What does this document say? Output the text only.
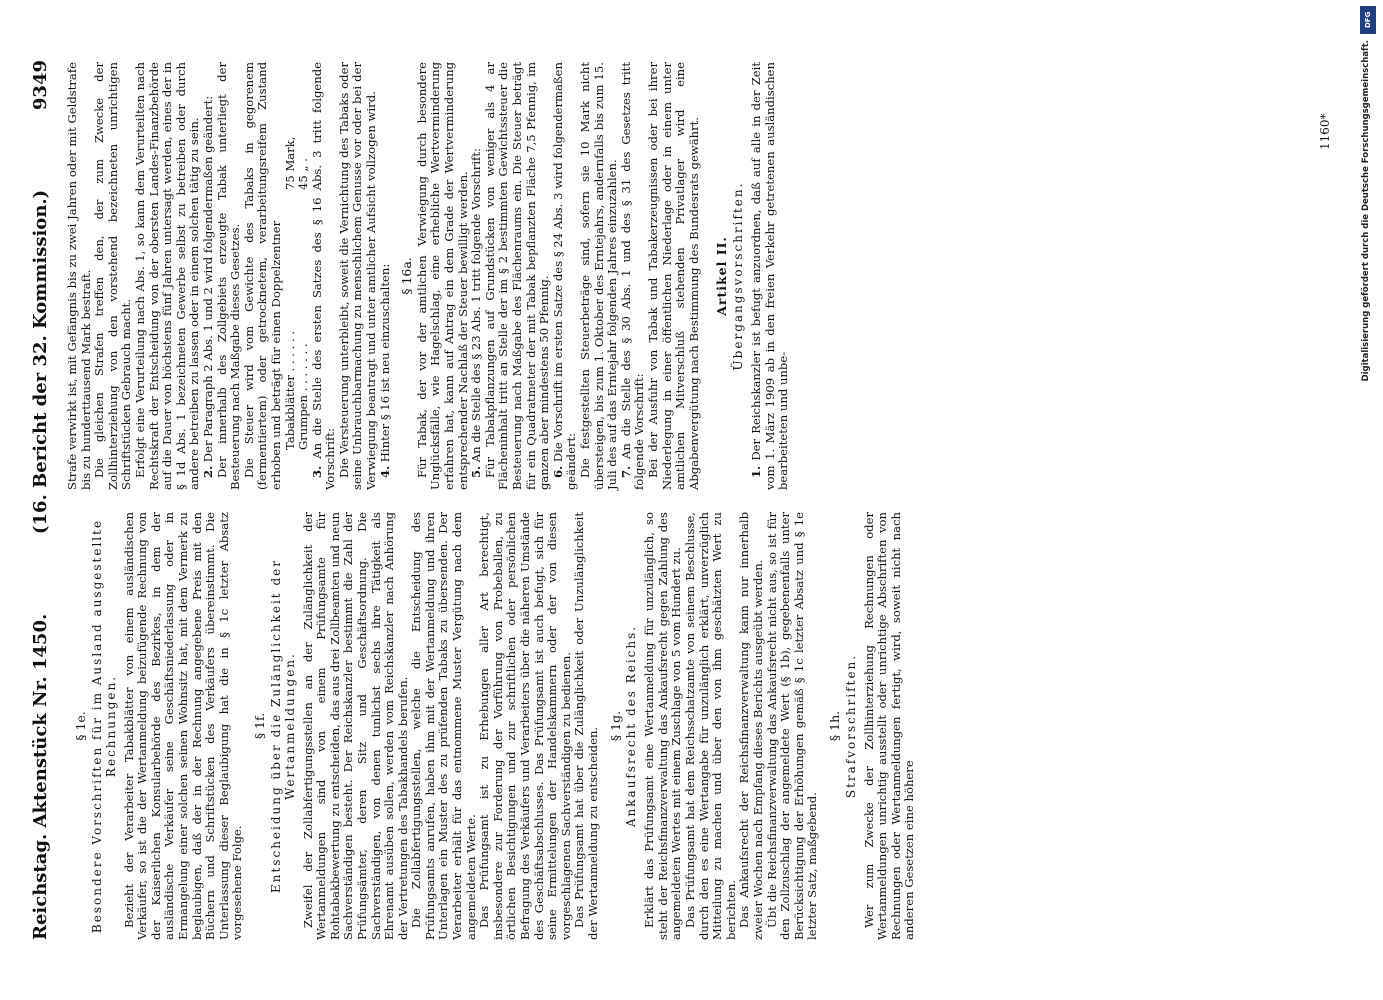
Reichstag. Aktenstück Nr. 1450.
(16. Bericht der 32. Kommission.)
9349
§ 1e. Besondere Vorschriften für im Ausland ausgestellte Rechnungen. Bezieht der Verarbeiter Tabakblätter von einem ausländischen Verkäufer, so ist die der Wertanmeldung beizufügende Rechnung von der Kaiserlichen Konsularbehörde des Bezirkes, in dem der ausländische Verkäufer seine Geschäftsniederlassung oder in Ermangelung einer solchen seinen Wohnsitz hat, mit dem Vermerk zu beglaubigen, daß der in der Rechnung angegebene Preis mit den Büchern und Schriftstücken des Verkäufers übereinstimmt. Die Unterlassung dieser Beglaubigung hat die in § 1c letzter Absatz vorgesehene Folge.

§ 1f. Entscheidung über die Zulänglichkeit der Wertanmeldungen. Zweifel der Zollabfertigungsstellen an der Zulänglichkeit der Wertanmeldungen sind von einem Prüfungsamte für Rohtabakbewertung zu entscheiden, das aus drei Zollbeamten und neun Sachverständigen besteht. Der Reichskanzler bestimmt die Zahl der Prüfungsämter, deren Sitz und Geschäftsordnung. Die Sachverständigen, von denen tunlichst sechs ihre Tätigkeit als Ehrenamt ausüben sollen, werden vom Reichskanzler nach Anhörung der Vertretungen des Tabakhandels berufen. Die Zollabfertigungsstellen, welche die Entscheidung des Prüfungsamts anrufen, haben ihm mit der Wertanmeldung und ihren Unterlagen ein Muster des zu prüfenden Tabaks zu übersenden. Der Verarbeiter erhält für das entnommene Muster Vergütung nach dem angemeldeten Werte. Das Prüfungsamt ist zu Erhebungen aller Art berechtigt, insbesondere zur Forderung der Vorführung von Probeballen, zu örtlichen Besichtigungen und zur schriftlichen oder persönlichen Befragung des Verkäufers und Verarbeiters über die näheren Umstände des Geschäftsabschlusses. Das Prüfungsamt ist auch befugt, sich für seine Ermittelungen der Handelskammern oder der von diesen vorgeschlagenen Sachverständigen zu bedienen. Das Prüfungsamt hat über die Zulänglichkeit oder Unzulänglichkeit der Wertanmeldung zu entscheiden.

§ 1g. Ankaufsrecht des Reichs. Erklärt das Prüfungsamt eine Wertanmeldung für unzulänglich, so steht der Reichsfinanzverwaltung das Ankaufsrecht gegen Zahlung des angemeldeten Wertes mit einem Zuschlage von 5 vom Hundert zu. Das Prüfungsamt hat dem Reichsschatzamte von seinem Beschlusse, durch den es eine Wertangabe für unzulänglich erklärt, unverzüglich Mitteilung zu machen und über den von ihm geschätzten Wert zu berichten. Das Ankaufsrecht der Reichsfinanzverwaltung kann nur innerhalb zweier Wochen nach Empfang dieses Berichts ausgeübt werden. Übt die Reichsfinanzverwaltung das Ankaufsrecht nicht aus, so ist für den Zollzuschlag der angemeldete Wert (§ 1b), gegebenenfalls unter Berücksichtigung der Erhöhungen gemäß § 1c letzter Absatz und § 1e letzter Satz, maßgebend.

§ 1h. Strafvorschriften. Wer zum Zwecke der Zollhinterziehung Rechnungen oder Wertanmeldungen unrichtig ausstellt oder unrichtige Abschriften von Rechnungen oder Wertanmeldungen fertigt, wird, soweit nicht nach anderen Gesetzen eine höhere

Strafe verwirkt ist, mit Gefängnis bis zu zwei Jahren oder mit Geldstrafe bis zu hunderttausend Mark bestraft. Die gleichen Strafen treffen den, der zum Zwecke der Zollhinterziehung von den vorstehend bezeichneten unrichtigen Schriftstücken Gebrauch macht. Erfolgt eine Verurteilung nach Abs. 1, so kann dem Verurteilten nach Rechtskraft der Entscheidung von der obersten Landes-Finanzbehörde auf die Dauer von höchstens fünf Jahren untersagt werden, eines der in § 1d Abs. 1 bezeichneten Gewerbe selbst zu betreiben oder durch andere betreiben zu lassen oder in einem solchen tätig zu sein. 2. Der Paragraph 2 Abs. 1 und 2 wird folgendermaßen geändert: Der innerhalb des Zollgebiets erzeugte Tabak unterliegt der Besteuerung nach Maßgabe dieses Gesetzes. Die Steuer wird vom Gewichte des Tabaks in gegorenem (fermentiertem) oder getrocknetem, verarbeitungsreifem Zustand erhoben und beträgt für einen Doppelzentner Tabakblätter . . . . . .
75 Mark,
Grumpen . . . . . . .
45 „ .

3. An die Stelle des ersten Satzes des § 16 Abs. 3 tritt folgende Vorschrift: Die Versteuerung unterbleibt, soweit die Vernichtung des Tabaks oder seine Unbrauchbarmachung zu menschlichem Genusse vor oder bei der Verwiegung beantragt und unter amtlicher Aufsicht vollzogen wird. 4. Hinter § 16 ist neu einzuschalten: § 16a. Für Tabak, der vor der amtlichen Verwiegung durch besondere Unglücksfälle, wie Hagelschlag, eine erhebliche Wertverminderung erfahren hat, kann auf Antrag ein dem Grade der Wertverminderung entsprechender Nachlaß der Steuer bewilligt werden. 5. An die Stelle des § 23 Abs. 1 tritt folgende Vorschrift: Für Tabakpflanzungen auf Grundstücken von weniger als 4 ar Flächeninhalt tritt an Stelle der im § 2 bestimmten Gewichtssteuer die Besteuerung nach Maßgabe des Flächenraums ein. Die Steuer beträgt für ein Quadratmeter der mit Tabak bepflanzten Fläche 7,5 Pfennig, im ganzen aber mindestens 50 Pfennig. 6. Die Vorschrift im ersten Satze des § 24 Abs. 3 wird folgendermaßen geändert: Die festgestellten Steuerbeträge sind, sofern sie 10 Mark nicht übersteigen, bis zum 1. Oktober des Erntejahrs, andernfalls bis zum 15. Juli des auf das Erntejahr folgenden Jahres einzuzahlen. 7. An die Stelle des § 30 Abs. 1 und des § 31 des Gesetzes tritt folgende Vorschrift: Bei der Ausfuhr von Tabak und Tabakerzeugnissen oder bei ihrer Niederlegung in einer öffentlichen Niederlage oder in einem unter amtlichen Mitverschluß stehenden Privatlager wird eine Abgabenvergütung nach Bestimmung des Bundesrats gewährt. Artikel II. Übergangsvorschriften.

1. Der Reichskanzler ist befugt anzuordnen, daß auf alle in der Zeit vom 1. März 1909 ab in den freien Verkehr getretenen ausländischen bearbeiteten und unbe-

1160*
DFG
Digitalisierung gefördert durch die Deutsche Forschungsgemeinschaft.
